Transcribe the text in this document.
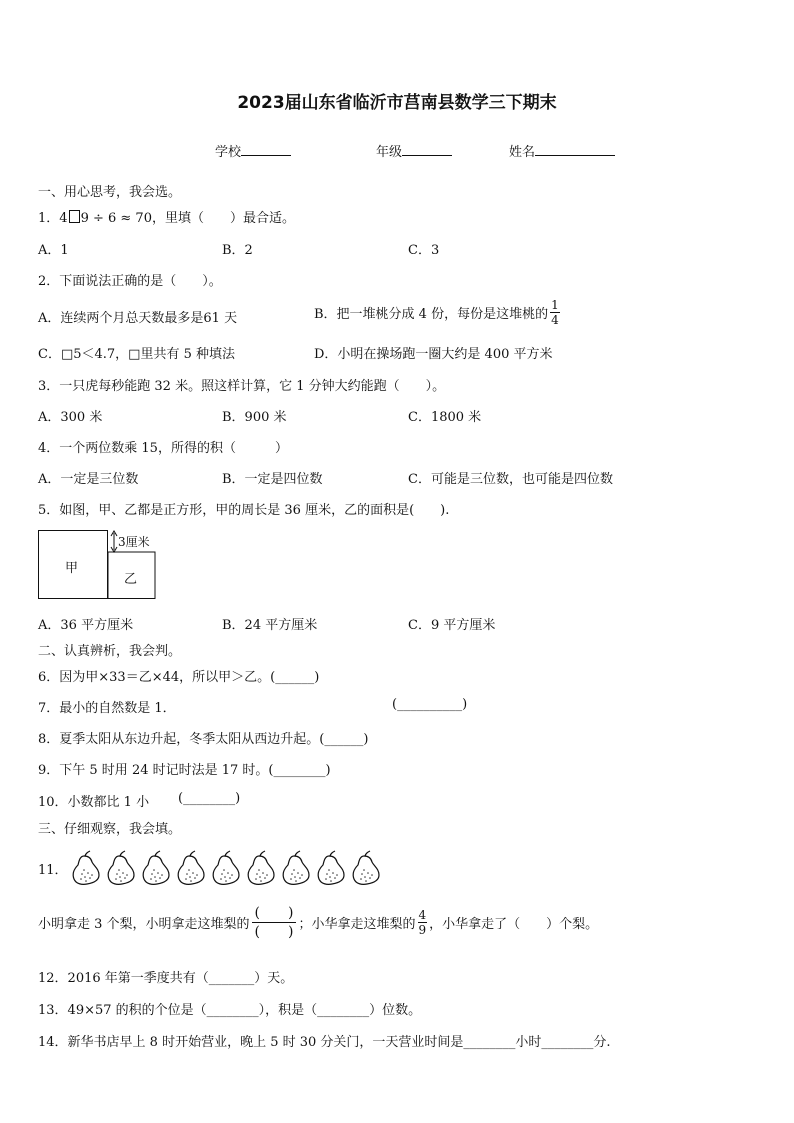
2023届山东省临沂市莒南县数学三下期末
学校	年级	姓名
一、用心思考，我会选。
1．4 9 ÷ 6 ≈ 70，里填（　　）最合适。
A．1	B．2	C．3
2．下面说法正确的是（　　）。
A．连续两个月总天数最多是61 天	B．把一堆桃分成 4 份，每份是这堆桃的 $\frac{1}{4}$
C．□5＜4.7，□里共有 5 种填法	D．小明在操场跑一圈大约是 400 平方米
3．一只虎每秒能跑 32 米。照这样计算，它 1 分钟大约能跑（　　）。
A．300 米	B．900 米	C．1800 米
4．一个两位数乘 15，所得的积（　　　）
A．一定是三位数	B．一定是四位数	C．可能是三位数，也可能是四位数
5．如图，甲、乙都是正方形，甲的周长是 36 厘米，乙的面积是(　　).
甲
乙
3厘米
A．36 平方厘米	B．24 平方厘米	C．9 平方厘米
二、认真辨析，我会判。
6．因为甲×33＝乙×44，所以甲＞乙。(______)
7．最小的自然数是 1．	(__________)
8．夏季太阳从东边升起，冬季太阳从西边升起。(______)
9．下午 5 时用 24 时记时法是 17 时。(________)
10．小数都比 1 小 (________)
三、仔细观察，我会填。
11．
小明拿走 3 个梨，小明拿走这堆梨的 $\frac{( )}{( )}$ ；小华拿走这堆梨的 $\frac{4}{9}$ ，小华拿走了（　　）个梨。
12．2016 年第一季度共有（_______）天。
13．49×57 的积的个位是（________），积是（________）位数。
14．新华书店早上 8 时开始营业，晚上 5 时 30 分关门，一天营业时间是________小时________分.
